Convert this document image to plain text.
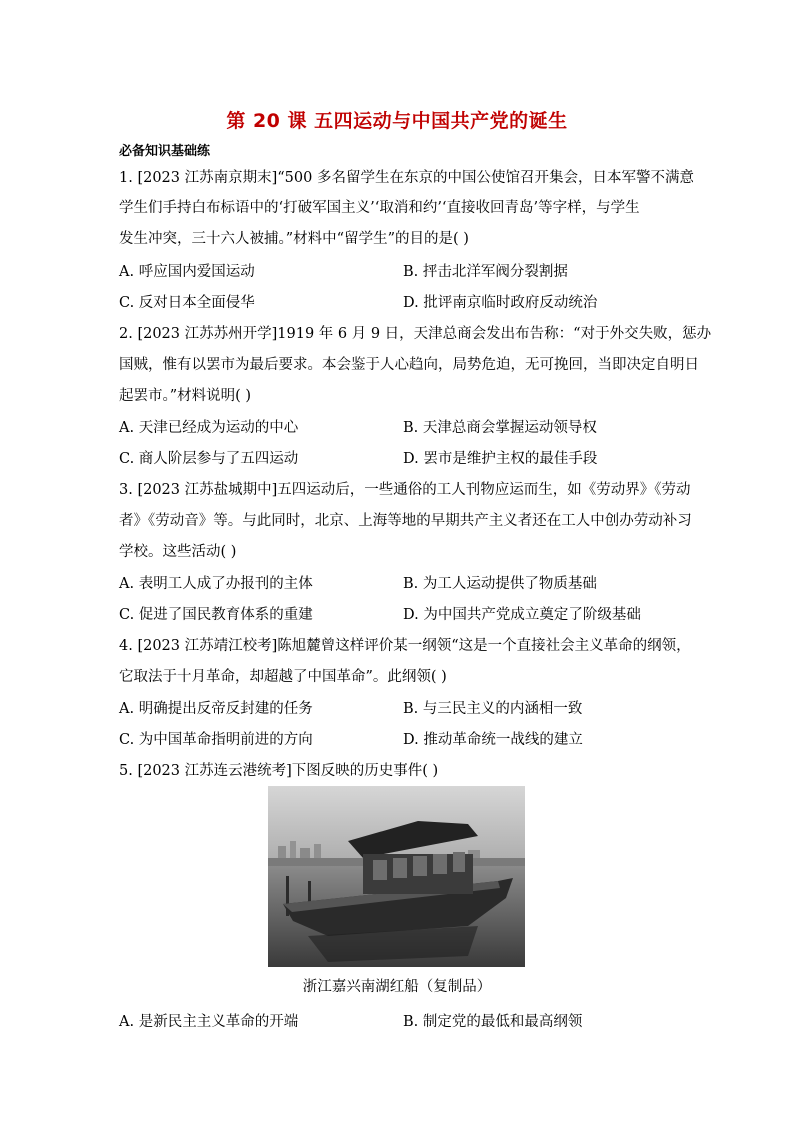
第 20 课 五四运动与中国共产党的诞生
必备知识基础练
1. [2023 江苏南京期末]“500 多名留学生在东京的中国公使馆召开集会，日本军警不满意
学生们手持白布标语中的‘打破军国主义’‘取消和约’‘直接收回青岛’等字样，与学生
发生冲突，三十六人被捕。”材料中“留学生”的目的是( )
A. 呼应国内爱国运动	B. 抨击北洋军阀分裂割据
C. 反对日本全面侵华	D. 批评南京临时政府反动统治
2. [2023 江苏苏州开学]1919 年 6 月 9 日，天津总商会发出布告称：“对于外交失败，惩办
国贼，惟有以罢市为最后要求。本会鉴于人心趋向，局势危迫，无可挽回，当即决定自明日
起罢市。”材料说明( )
A. 天津已经成为运动的中心	B. 天津总商会掌握运动领导权
C. 商人阶层参与了五四运动	D. 罢市是维护主权的最佳手段
3. [2023 江苏盐城期中]五四运动后，一些通俗的工人刊物应运而生，如《劳动界》《劳动
者》《劳动音》等。与此同时，北京、上海等地的早期共产主义者还在工人中创办劳动补习
学校。这些活动( )
A. 表明工人成了办报刊的主体	B. 为工人运动提供了物质基础
C. 促进了国民教育体系的重建	D. 为中国共产党成立奠定了阶级基础
4. [2023 江苏靖江校考]陈旭麓曾这样评价某一纲领“这是一个直接社会主义革命的纲领，
它取法于十月革命，却超越了中国革命”。此纲领( )
A. 明确提出反帝反封建的任务	B. 与三民主义的内涵相一致
C. 为中国革命指明前进的方向	D. 推动革命统一战线的建立
5. [2023 江苏连云港统考]下图反映的历史事件( )
浙江嘉兴南湖红船（复制品）
A. 是新民主主义革命的开端	B. 制定党的最低和最高纲领
